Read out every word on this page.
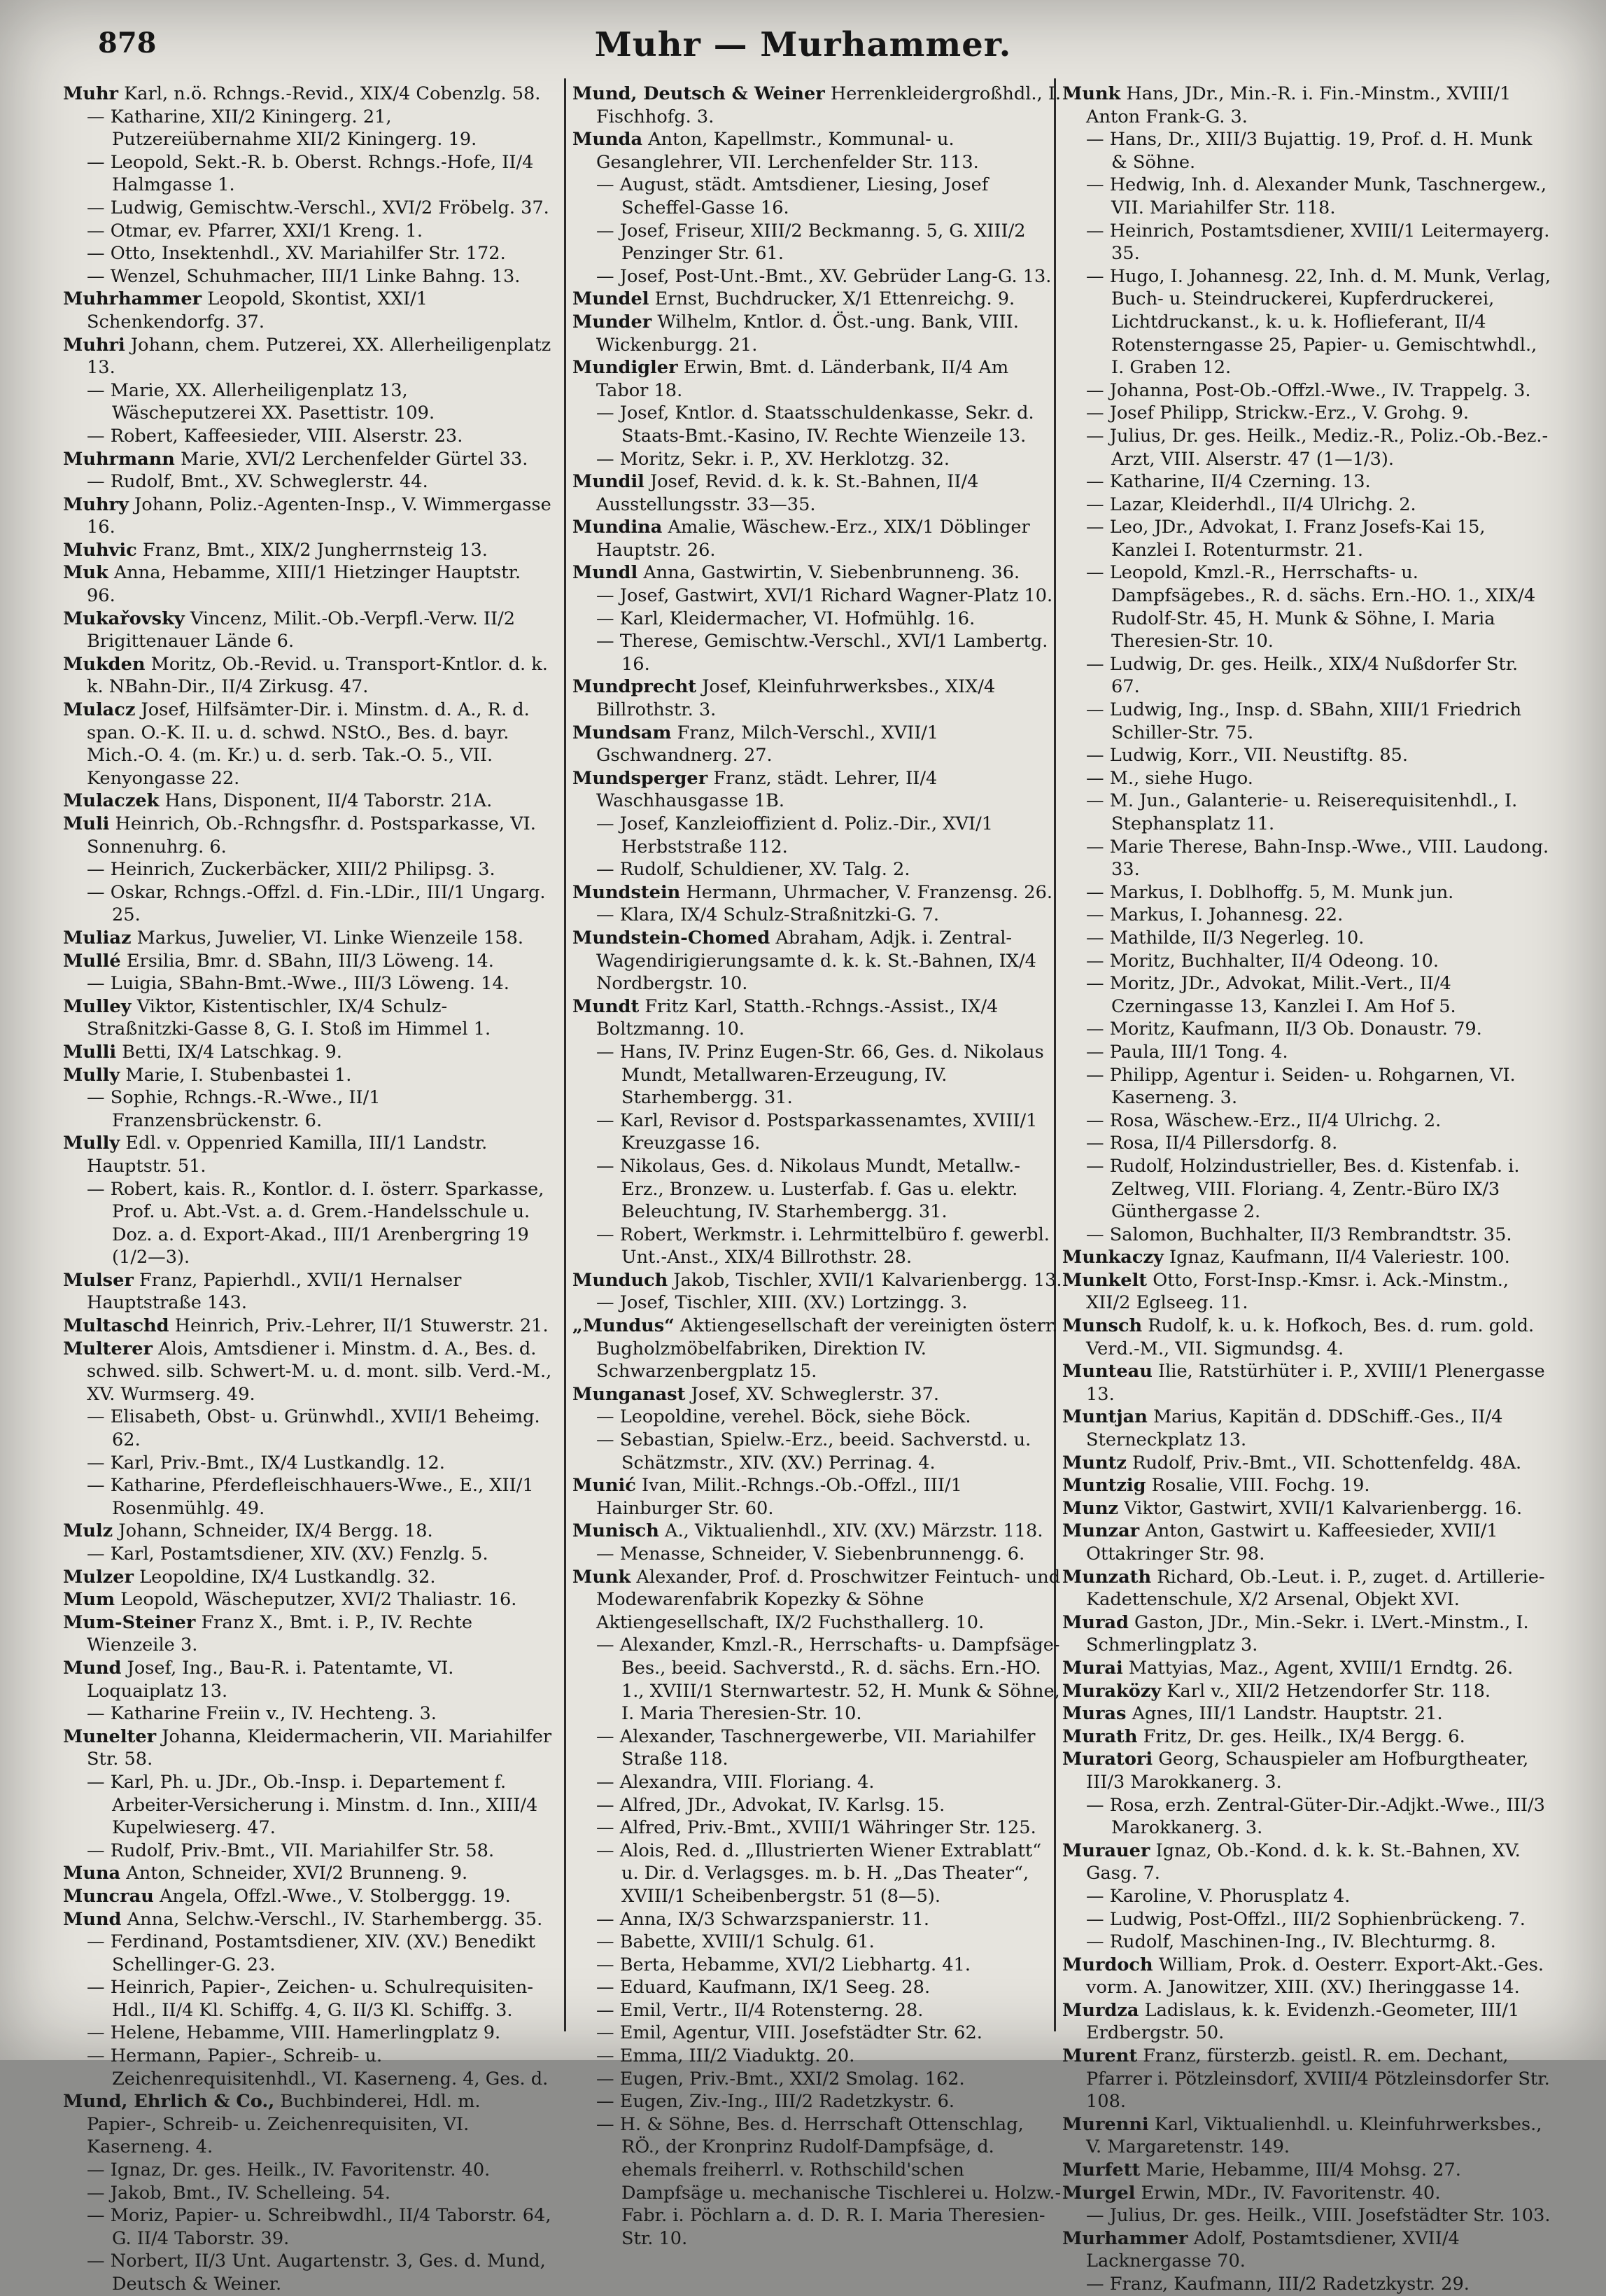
878	Muhr — Murhammer.
Muhr Karl, n.ö. Rchngs.-Revid., XIX/4 Cobenzlg. 58.
— Katharine, XII/2 Kiningerg. 21, Putzereiübernahme XII/2 Kiningerg. 19.
— Leopold, Sekt.-R. b. Oberst. Rchngs.-Hofe, II/4 Halmgasse 1.
— Ludwig, Gemischtw.-Verschl., XVI/2 Fröbelg. 37.
— Otmar, ev. Pfarrer, XXI/1 Kreng. 1.
— Otto, Insektenhdl., XV. Mariahilfer Str. 172.
— Wenzel, Schuhmacher, III/1 Linke Bahng. 13.
Muhrhammer Leopold, Skontist, XXI/1 Schenkendorfg. 37.
Muhri Johann, chem. Putzerei, XX. Allerheiligenplatz 13.
— Marie, XX. Allerheiligenplatz 13, Wäscheputzerei XX. Pasettistr. 109.
— Robert, Kaffeesieder, VIII. Alserstr. 23.
Muhrmann Marie, XVI/2 Lerchenfelder Gürtel 33.
— Rudolf, Bmt., XV. Schweglerstr. 44.
Muhry Johann, Poliz.-Agenten-Insp., V. Wimmergasse 16.
Muhvic Franz, Bmt., XIX/2 Jungherrnsteig 13.
Muk Anna, Hebamme, XIII/1 Hietzinger Hauptstr. 96.
Mukařovsky Vincenz, Milit.-Ob.-Verpfl.-Verw. II/2 Brigittenauer Lände 6.
Mukden Moritz, Ob.-Revid. u. Transport-Kntlor. d. k. k. NBahn-Dir., II/4 Zirkusg. 47.
Mulacz Josef, Hilfsämter-Dir. i. Minstm. d. A., R. d. span. O.-K. II. u. d. schwd. NStO., Bes. d. bayr. Mich.-O. 4. (m. Kr.) u. d. serb. Tak.-O. 5., VII. Kenyongasse 22.
Mulaczek Hans, Disponent, II/4 Taborstr. 21A.
Muli Heinrich, Ob.-Rchngsfhr. d. Postsparkasse, VI. Sonnenuhrg. 6.
— Heinrich, Zuckerbäcker, XIII/2 Philipsg. 3.
— Oskar, Rchngs.-Offzl. d. Fin.-LDir., III/1 Ungarg. 25.
Muliaz Markus, Juwelier, VI. Linke Wienzeile 158.
Mullé Ersilia, Bmr. d. SBahn, III/3 Löweng. 14.
— Luigia, SBahn-Bmt.-Wwe., III/3 Löweng. 14.
Mulley Viktor, Kistentischler, IX/4 Schulz-Straßnitzki-Gasse 8, G. I. Stoß im Himmel 1.
Mulli Betti, IX/4 Latschkag. 9.
Mully Marie, I. Stubenbastei 1.
— Sophie, Rchngs.-R.-Wwe., II/1 Franzensbrückenstr. 6.
Mully Edl. v. Oppenried Kamilla, III/1 Landstr. Hauptstr. 51.
— Robert, kais. R., Kontlor. d. I. österr. Sparkasse, Prof. u. Abt.-Vst. a. d. Grem.-Handelsschule u. Doz. a. d. Export-Akad., III/1 Arenbergring 19 (1/2—3).
Mulser Franz, Papierhdl., XVII/1 Hernalser Hauptstraße 143.
Multaschd Heinrich, Priv.-Lehrer, II/1 Stuwerstr. 21.
Multerer Alois, Amtsdiener i. Minstm. d. A., Bes. d. schwed. silb. Schwert-M. u. d. mont. silb. Verd.-M., XV. Wurmserg. 49.
— Elisabeth, Obst- u. Grünwhdl., XVII/1 Beheimg. 62.
— Karl, Priv.-Bmt., IX/4 Lustkandlg. 12.
— Katharine, Pferdefleischhauers-Wwe., E., XII/1 Rosenmühlg. 49.
Mulz Johann, Schneider, IX/4 Bergg. 18.
— Karl, Postamtsdiener, XIV. (XV.) Fenzlg. 5.
Mulzer Leopoldine, IX/4 Lustkandlg. 32.
Mum Leopold, Wäscheputzer, XVI/2 Thaliastr. 16.
Mum-Steiner Franz X., Bmt. i. P., IV. Rechte Wienzeile 3.
Mund Josef, Ing., Bau-R. i. Patentamte, VI. Loquaiplatz 13.
— Katharine Freiin v., IV. Hechteng. 3.
Munelter Johanna, Kleidermacherin, VII. Mariahilfer Str. 58.
— Karl, Ph. u. JDr., Ob.-Insp. i. Departement f. Arbeiter-Versicherung i. Minstm. d. Inn., XIII/4 Kupelwieserg. 47.
— Rudolf, Priv.-Bmt., VII. Mariahilfer Str. 58.
Muna Anton, Schneider, XVI/2 Brunneng. 9.
Muncrau Angela, Offzl.-Wwe., V. Stolberggg. 19.
Mund Anna, Selchw.-Verschl., IV. Starhembergg. 35.
— Ferdinand, Postamtsdiener, XIV. (XV.) Benedikt Schellinger-G. 23.
— Heinrich, Papier-, Zeichen- u. Schulrequisiten-Hdl., II/4 Kl. Schiffg. 4, G. II/3 Kl. Schiffg. 3.
— Helene, Hebamme, VIII. Hamerlingplatz 9.
— Hermann, Papier-, Schreib- u. Zeichenrequisitenhdl., VI. Kaserneng. 4, Ges. d.
Mund, Ehrlich & Co., Buchbinderei, Hdl. m. Papier-, Schreib- u. Zeichenrequisiten, VI. Kaserneng. 4.
— Ignaz, Dr. ges. Heilk., IV. Favoritenstr. 40.
— Jakob, Bmt., IV. Schelleing. 54.
— Moriz, Papier- u. Schreibwdhl., II/4 Taborstr. 64, G. II/4 Taborstr. 39.
— Norbert, II/3 Unt. Augartenstr. 3, Ges. d. Mund, Deutsch & Weiner.
Mund, Deutsch & Weiner Herrenkleidergroßhdl., I. Fischhofg. 3.
Munda Anton, Kapellmstr., Kommunal- u. Gesanglehrer, VII. Lerchenfelder Str. 113.
— August, städt. Amtsdiener, Liesing, Josef Scheffel-Gasse 16.
— Josef, Friseur, XIII/2 Beckmanng. 5, G. XIII/2 Penzinger Str. 61.
— Josef, Post-Unt.-Bmt., XV. Gebrüder Lang-G. 13.
Mundel Ernst, Buchdrucker, X/1 Ettenreichg. 9.
Munder Wilhelm, Kntlor. d. Öst.-ung. Bank, VIII. Wickenburgg. 21.
Mundigler Erwin, Bmt. d. Länderbank, II/4 Am Tabor 18.
— Josef, Kntlor. d. Staatsschuldenkasse, Sekr. d. Staats-Bmt.-Kasino, IV. Rechte Wienzeile 13.
— Moritz, Sekr. i. P., XV. Herklotzg. 32.
Mundil Josef, Revid. d. k. k. St.-Bahnen, II/4 Ausstellungsstr. 33—35.
Mundina Amalie, Wäschew.-Erz., XIX/1 Döblinger Hauptstr. 26.
Mundl Anna, Gastwirtin, V. Siebenbrunneng. 36.
— Josef, Gastwirt, XVI/1 Richard Wagner-Platz 10.
— Karl, Kleidermacher, VI. Hofmühlg. 16.
— Therese, Gemischtw.-Verschl., XVI/1 Lambertg. 16.
Mundprecht Josef, Kleinfuhrwerksbes., XIX/4 Billrothstr. 3.
Mundsam Franz, Milch-Verschl., XVII/1 Gschwandnerg. 27.
Mundsperger Franz, städt. Lehrer, II/4 Waschhausgasse 1B.
— Josef, Kanzleioffizient d. Poliz.-Dir., XVI/1 Herbststraße 112.
— Rudolf, Schuldiener, XV. Talg. 2.
Mundstein Hermann, Uhrmacher, V. Franzensg. 26.
— Klara, IX/4 Schulz-Straßnitzki-G. 7.
Mundstein-Chomed Abraham, Adjk. i. Zentral-Wagendirigierungsamte d. k. k. St.-Bahnen, IX/4 Nordbergstr. 10.
Mundt Fritz Karl, Statth.-Rchngs.-Assist., IX/4 Boltzmanng. 10.
— Hans, IV. Prinz Eugen-Str. 66, Ges. d. Nikolaus Mundt, Metallwaren-Erzeugung, IV. Starhembergg. 31.
— Karl, Revisor d. Postsparkassenamtes, XVIII/1 Kreuzgasse 16.
— Nikolaus, Ges. d. Nikolaus Mundt, Metallw.-Erz., Bronzew. u. Lusterfab. f. Gas u. elektr. Beleuchtung, IV. Starhembergg. 31.
— Robert, Werkmstr. i. Lehrmittelbüro f. gewerbl. Unt.-Anst., XIX/4 Billrothstr. 28.
Munduch Jakob, Tischler, XVII/1 Kalvarienbergg. 13.
— Josef, Tischler, XIII. (XV.) Lortzingg. 3.
„Mundus“ Aktiengesellschaft der vereinigten österr. Bugholzmöbelfabriken, Direktion IV. Schwarzenbergplatz 15.
Munganast Josef, XV. Schweglerstr. 37.
— Leopoldine, verehel. Böck, siehe Böck.
— Sebastian, Spielw.-Erz., beeid. Sachverstd. u. Schätzmstr., XIV. (XV.) Perrinag. 4.
Munić Ivan, Milit.-Rchngs.-Ob.-Offzl., III/1 Hainburger Str. 60.
Munisch A., Viktualienhdl., XIV. (XV.) Märzstr. 118.
— Menasse, Schneider, V. Siebenbrunnengg. 6.
Munk Alexander, Prof. d. Proschwitzer Feintuch- und Modewarenfabrik Kopezky & Söhne Aktiengesellschaft, IX/2 Fuchsthallerg. 10.
— Alexander, Kmzl.-R., Herrschafts- u. Dampfsäge-Bes., beeid. Sachverstd., R. d. sächs. Ern.-HO. 1., XVIII/1 Sternwartestr. 52, H. Munk & Söhne, I. Maria Theresien-Str. 10.
— Alexander, Taschnergewerbe, VII. Mariahilfer Straße 118.
— Alexandra, VIII. Floriang. 4.
— Alfred, JDr., Advokat, IV. Karlsg. 15.
— Alfred, Priv.-Bmt., XVIII/1 Währinger Str. 125.
— Alois, Red. d. „Illustrierten Wiener Extrablatt“ u. Dir. d. Verlagsges. m. b. H. „Das Theater“, XVIII/1 Scheibenbergstr. 51 (8—5).
— Anna, IX/3 Schwarzspanierstr. 11.
— Babette, XVIII/1 Schulg. 61.
— Berta, Hebamme, XVI/2 Liebhartg. 41.
— Eduard, Kaufmann, IX/1 Seeg. 28.
— Emil, Vertr., II/4 Rotensterng. 28.
— Emil, Agentur, VIII. Josefstädter Str. 62.
— Emma, III/2 Viaduktg. 20.
— Eugen, Priv.-Bmt., XXI/2 Smolag. 162.
— Eugen, Ziv.-Ing., III/2 Radetzkystr. 6.
— H. & Söhne, Bes. d. Herrschaft Ottenschlag, RÖ., der Kronprinz Rudolf-Dampfsäge, d. ehemals freiherrl. v. Rothschild'schen Dampfsäge u. mechanische Tischlerei u. Holzw.-Fabr. i. Pöchlarn a. d. D. R. I. Maria Theresien-Str. 10.
Munk Hans, JDr., Min.-R. i. Fin.-Minstm., XVIII/1 Anton Frank-G. 3.
— Hans, Dr., XIII/3 Bujattig. 19, Prof. d. H. Munk & Söhne.
— Hedwig, Inh. d. Alexander Munk, Taschnergew., VII. Mariahilfer Str. 118.
— Heinrich, Postamtsdiener, XVIII/1 Leitermayerg. 35.
— Hugo, I. Johannesg. 22, Inh. d. M. Munk, Verlag, Buch- u. Steindruckerei, Kupferdruckerei, Lichtdruckanst., k. u. k. Hoflieferant, II/4 Rotensterngasse 25, Papier- u. Gemischtwhdl., I. Graben 12.
— Johanna, Post-Ob.-Offzl.-Wwe., IV. Trappelg. 3.
— Josef Philipp, Strickw.-Erz., V. Grohg. 9.
— Julius, Dr. ges. Heilk., Mediz.-R., Poliz.-Ob.-Bez.-Arzt, VIII. Alserstr. 47 (1—1/3).
— Katharine, II/4 Czerning. 13.
— Lazar, Kleiderhdl., II/4 Ulrichg. 2.
— Leo, JDr., Advokat, I. Franz Josefs-Kai 15, Kanzlei I. Rotenturmstr. 21.
— Leopold, Kmzl.-R., Herrschafts- u. Dampfsägebes., R. d. sächs. Ern.-HO. 1., XIX/4 Rudolf-Str. 45, H. Munk & Söhne, I. Maria Theresien-Str. 10.
— Ludwig, Dr. ges. Heilk., XIX/4 Nußdorfer Str. 67.
— Ludwig, Ing., Insp. d. SBahn, XIII/1 Friedrich Schiller-Str. 75.
— Ludwig, Korr., VII. Neustiftg. 85.
— M., siehe Hugo.
— M. Jun., Galanterie- u. Reiserequisitenhdl., I. Stephansplatz 11.
— Marie Therese, Bahn-Insp.-Wwe., VIII. Laudong. 33.
— Markus, I. Doblhoffg. 5, M. Munk jun.
— Markus, I. Johannesg. 22.
— Mathilde, II/3 Negerleg. 10.
— Moritz, Buchhalter, II/4 Odeong. 10.
— Moritz, JDr., Advokat, Milit.-Vert., II/4 Czerningasse 13, Kanzlei I. Am Hof 5.
— Moritz, Kaufmann, II/3 Ob. Donaustr. 79.
— Paula, III/1 Tong. 4.
— Philipp, Agentur i. Seiden- u. Rohgarnen, VI. Kaserneng. 3.
— Rosa, Wäschew.-Erz., II/4 Ulrichg. 2.
— Rosa, II/4 Pillersdorfg. 8.
— Rudolf, Holzindustrieller, Bes. d. Kistenfab. i. Zeltweg, VIII. Floriang. 4, Zentr.-Büro IX/3 Günthergasse 2.
— Salomon, Buchhalter, II/3 Rembrandtstr. 35.
Munkaczy Ignaz, Kaufmann, II/4 Valeriestr. 100.
Munkelt Otto, Forst-Insp.-Kmsr. i. Ack.-Minstm., XII/2 Eglseeg. 11.
Munsch Rudolf, k. u. k. Hofkoch, Bes. d. rum. gold. Verd.-M., VII. Sigmundsg. 4.
Munteau Ilie, Ratstürhüter i. P., XVIII/1 Plenergasse 13.
Muntjan Marius, Kapitän d. DDSchiff.-Ges., II/4 Sterneckplatz 13.
Muntz Rudolf, Priv.-Bmt., VII. Schottenfeldg. 48A.
Muntzig Rosalie, VIII. Fochg. 19.
Munz Viktor, Gastwirt, XVII/1 Kalvarienbergg. 16.
Munzar Anton, Gastwirt u. Kaffeesieder, XVII/1 Ottakringer Str. 98.
Munzath Richard, Ob.-Leut. i. P., zuget. d. Artillerie-Kadettenschule, X/2 Arsenal, Objekt XVI.
Murad Gaston, JDr., Min.-Sekr. i. LVert.-Minstm., I. Schmerlingplatz 3.
Murai Mattyias, Maz., Agent, XVIII/1 Erndtg. 26.
Muraközy Karl v., XII/2 Hetzendorfer Str. 118.
Muras Agnes, III/1 Landstr. Hauptstr. 21.
Murath Fritz, Dr. ges. Heilk., IX/4 Bergg. 6.
Muratori Georg, Schauspieler am Hofburgtheater, III/3 Marokkanerg. 3.
— Rosa, erzh. Zentral-Güter-Dir.-Adjkt.-Wwe., III/3 Marokkanerg. 3.
Murauer Ignaz, Ob.-Kond. d. k. k. St.-Bahnen, XV. Gasg. 7.
— Karoline, V. Phorusplatz 4.
— Ludwig, Post-Offzl., III/2 Sophienbrückeng. 7.
— Rudolf, Maschinen-Ing., IV. Blechturmg. 8.
Murdoch William, Prok. d. Oesterr. Export-Akt.-Ges. vorm. A. Janowitzer, XIII. (XV.) Iheringgasse 14.
Murdza Ladislaus, k. k. Evidenzh.-Geometer, III/1 Erdbergstr. 50.
Murent Franz, fürsterzb. geistl. R. em. Dechant, Pfarrer i. Pötzleinsdorf, XVIII/4 Pötzleinsdorfer Str. 108.
Murenni Karl, Viktualienhdl. u. Kleinfuhrwerksbes., V. Margaretenstr. 149.
Murfett Marie, Hebamme, III/4 Mohsg. 27.
Murgel Erwin, MDr., IV. Favoritenstr. 40.
— Julius, Dr. ges. Heilk., VIII. Josefstädter Str. 103.
Murhammer Adolf, Postamtsdiener, XVII/4 Lacknergasse 70.
— Franz, Kaufmann, III/2 Radetzkystr. 29.
